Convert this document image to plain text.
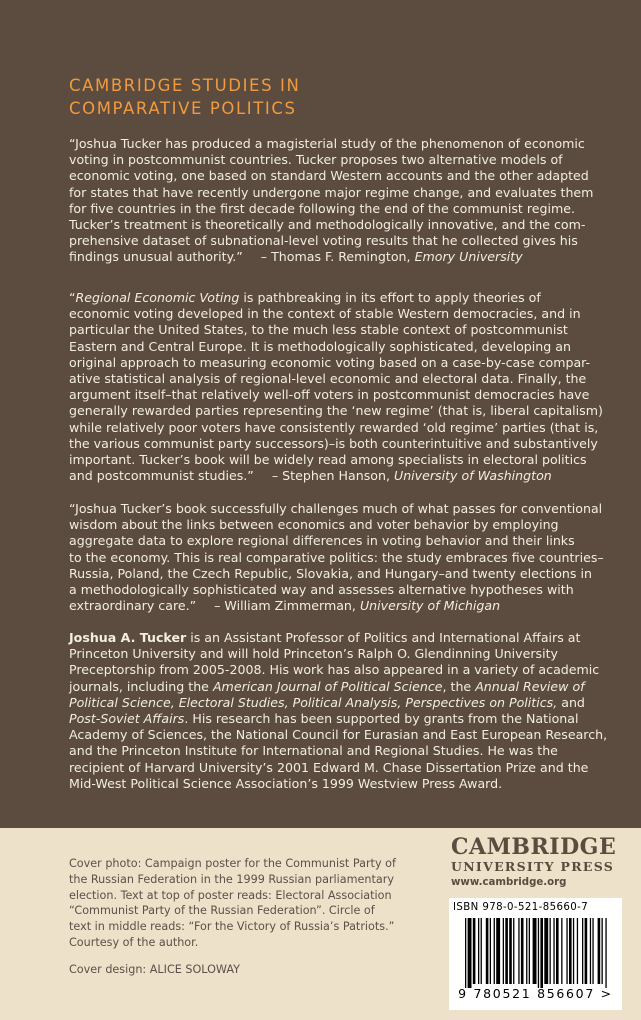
CAMBRIDGE STUDIES IN
COMPARATIVE POLITICS
“Joshua Tucker has produced a magisterial study of the phenomenon of economic
voting in postcommunist countries. Tucker proposes two alternative models of
economic voting, one based on standard Western accounts and the other adapted
for states that have recently undergone major regime change, and evaluates them
for five countries in the first decade following the end of the communist regime.
Tucker’s treatment is theoretically and methodologically innovative, and the com-
prehensive dataset of subnational-level voting results that he collected gives his
findings unusual authority.” – Thomas F. Remington, Emory University
“Regional Economic Voting is pathbreaking in its effort to apply theories of
economic voting developed in the context of stable Western democracies, and in
particular the United States, to the much less stable context of postcommunist
Eastern and Central Europe. It is methodologically sophisticated, developing an
original approach to measuring economic voting based on a case-by-case compar-
ative statistical analysis of regional-level economic and electoral data. Finally, the
argument itself–that relatively well-off voters in postcommunist democracies have
generally rewarded parties representing the ‘new regime’ (that is, liberal capitalism)
while relatively poor voters have consistently rewarded ‘old regime’ parties (that is,
the various communist party successors)–is both counterintuitive and substantively
important. Tucker’s book will be widely read among specialists in electoral politics
and postcommunist studies.” – Stephen Hanson, University of Washington
“Joshua Tucker’s book successfully challenges much of what passes for conventional
wisdom about the links between economics and voter behavior by employing
aggregate data to explore regional differences in voting behavior and their links
to the economy. This is real comparative politics: the study embraces five countries–
Russia, Poland, the Czech Republic, Slovakia, and Hungary–and twenty elections in
a methodologically sophisticated way and assesses alternative hypotheses with
extraordinary care.” – William Zimmerman, University of Michigan
Joshua A. Tucker is an Assistant Professor of Politics and International Affairs at
Princeton University and will hold Princeton’s Ralph O. Glendinning University
Preceptorship from 2005-2008. His work has also appeared in a variety of academic
journals, including the American Journal of Political Science, the Annual Review of
Political Science, Electoral Studies, Political Analysis, Perspectives on Politics, and
Post-Soviet Affairs. His research has been supported by grants from the National
Academy of Sciences, the National Council for Eurasian and East European Research,
and the Princeton Institute for International and Regional Studies. He was the
recipient of Harvard University’s 2001 Edward M. Chase Dissertation Prize and the
Mid-West Political Science Association’s 1999 Westview Press Award.
Cover photo: Campaign poster for the Communist Party of
the Russian Federation in the 1999 Russian parliamentary
election. Text at top of poster reads: Electoral Association
“Communist Party of the Russian Federation”. Circle of
text in middle reads: “For the Victory of Russia’s Patriots.”
Courtesy of the author.
Cover design: ALICE SOLOWAY
CAMBRIDGE
UNIVERSITY PRESS
www.cambridge.org
ISBN 978-0-521-85660-7
9 780521 856607 >
